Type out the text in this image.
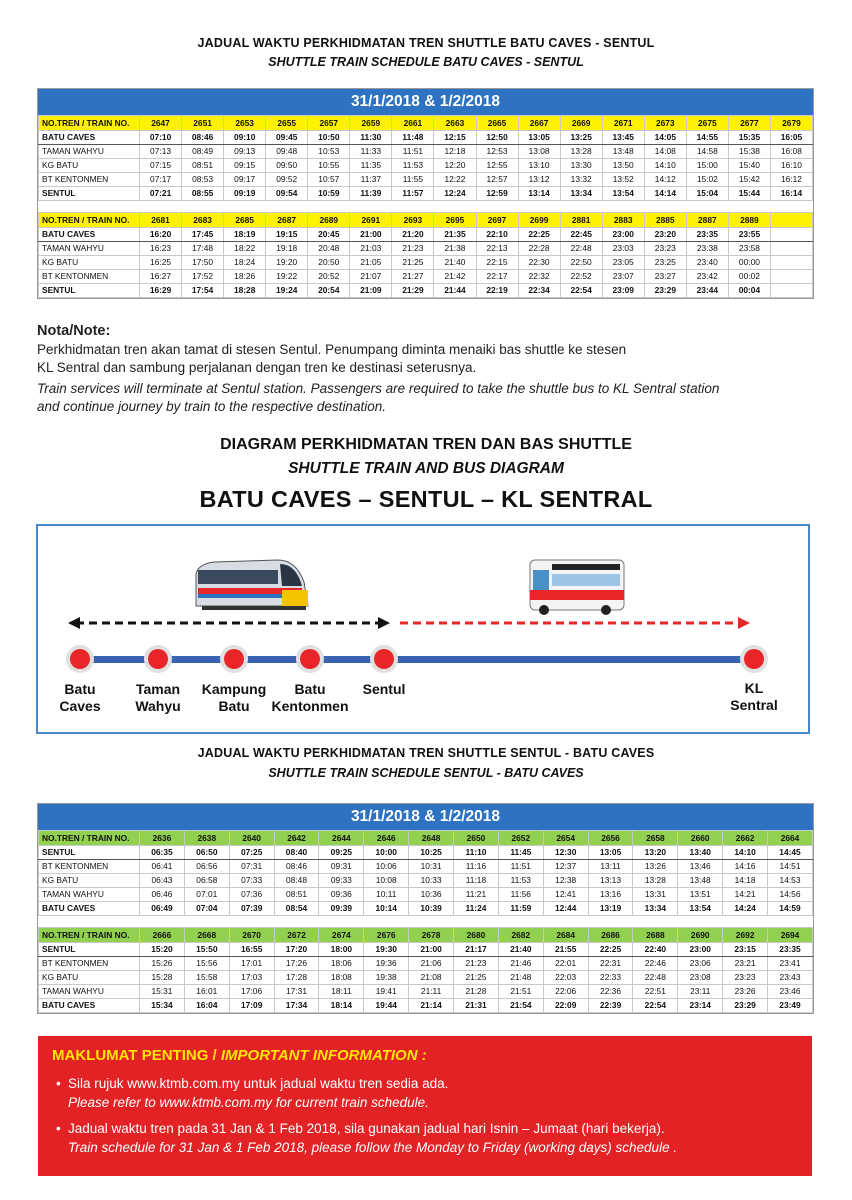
JADUAL WAKTU PERKHIDMATAN TREN SHUTTLE BATU CAVES - SENTUL
SHUTTLE TRAIN SCHEDULE BATU CAVES - SENTUL
31/1/2018 & 1/2/2018
NO.TREN / TRAIN NO.	2647	2651	2653	2655	2657	2659	2661	2663	2665	2667	2669	2671	2673	2675	2677	2679
BATU CAVES	07:10	08:46	09:10	09:45	10:50	11:30	11:48	12:15	12:50	13:05	13:25	13:45	14:05	14:55	15:35	16:05
TAMAN WAHYU	07:13	08:49	09:13	09:48	10:53	11:33	11:51	12:18	12:53	13:08	13:28	13:48	14:08	14:58	15:38	16:08
KG BATU	07:15	08:51	09:15	09:50	10:55	11:35	11:53	12:20	12:55	13:10	13:30	13:50	14:10	15:00	15:40	16:10
BT KENTONMEN	07:17	08:53	09:17	09:52	10:57	11:37	11:55	12:22	12:57	13:12	13:32	13:52	14:12	15:02	15:42	16:12
SENTUL	07:21	08:55	09:19	09:54	10:59	11:39	11:57	12:24	12:59	13:14	13:34	13:54	14:14	15:04	15:44	16:14
NO.TREN / TRAIN NO.	2681	2683	2685	2687	2689	2691	2693	2695	2697	2699	2881	2883	2885	2887	2889	
BATU CAVES	16:20	17:45	18:19	19:15	20:45	21:00	21:20	21:35	22:10	22:25	22:45	23:00	23:20	23:35	23:55	
TAMAN WAHYU	16:23	17:48	18:22	19:18	20:48	21:03	21:23	21:38	22:13	22:28	22:48	23:03	23:23	23:38	23:58	
KG BATU	16:25	17:50	18:24	19:20	20:50	21:05	21:25	21:40	22:15	22:30	22:50	23:05	23:25	23:40	00:00	
BT KENTONMEN	16:27	17:52	18:26	19:22	20:52	21:07	21:27	21:42	22:17	22:32	22:52	23:07	23:27	23:42	00:02	
SENTUL	16:29	17:54	18:28	19:24	20:54	21:09	21:29	21:44	22:19	22:34	22:54	23:09	23:29	23:44	00:04	
Nota/Note:
Perkhidmatan tren akan tamat di stesen Sentul. Penumpang diminta menaiki bas shuttle ke stesen
KL Sentral dan sambung perjalanan dengan tren ke destinasi seterusnya.
Train services will terminate at Sentul station. Passengers are required to take the shuttle bus to KL Sentral station
and continue journey by train to the respective destination.
DIAGRAM PERKHIDMATAN TREN DAN BAS SHUTTLE
SHUTTLE TRAIN AND BUS DIAGRAM
BATU CAVES – SENTUL – KL SENTRAL
Batu
Caves
Taman
Wahyu
Kampung
Batu
Batu
Kentonmen
Sentul	KL Sentral
JADUAL WAKTU PERKHIDMATAN TREN SHUTTLE SENTUL - BATU CAVES
SHUTTLE TRAIN SCHEDULE SENTUL - BATU CAVES
31/1/2018 & 1/2/2018
NO.TREN / TRAIN NO.	2636	2638	2640	2642	2644	2646	2648	2650	2652	2654	2656	2658	2660	2662	2664
SENTUL	06:35	06:50	07:25	08:40	09:25	10:00	10:25	11:10	11:45	12:30	13:05	13:20	13:40	14:10	14:45
BT KENTONMEN	06:41	06:56	07:31	08:46	09:31	10:06	10:31	11:16	11:51	12:37	13:11	13:26	13:46	14:16	14:51
KG BATU	06:43	06:58	07:33	08:48	09:33	10:08	10:33	11:18	11:53	12:38	13:13	13:28	13:48	14:18	14:53
TAMAN WAHYU	06:46	07:01	07:36	08:51	09:36	10:11	10:36	11:21	11:56	12:41	13:16	13:31	13:51	14:21	14:56
BATU CAVES	06:49	07:04	07:39	08:54	09:39	10:14	10:39	11:24	11:59	12:44	13:19	13:34	13:54	14:24	14:59
NO.TREN / TRAIN NO.	2666	2668	2670	2672	2674	2676	2678	2680	2682	2684	2686	2688	2690	2692	2694
SENTUL	15:20	15:50	16:55	17:20	18:00	19:30	21:00	21:17	21:40	21:55	22:25	22:40	23:00	23:15	23:35
BT KENTONMEN	15:26	15:56	17:01	17:26	18:06	19:36	21:06	21:23	21:46	22:01	22:31	22:46	23:06	23:21	23:41
KG BATU	15:28	15:58	17:03	17:28	18:08	19:38	21:08	21:25	21:48	22:03	22:33	22:48	23:08	23:23	23:43
TAMAN WAHYU	15:31	16:01	17:06	17:31	18:11	19:41	21:11	21:28	21:51	22:06	22:36	22:51	23:11	23:26	23:46
BATU CAVES	15:34	16:04	17:09	17:34	18:14	19:44	21:14	21:31	21:54	22:09	22:39	22:54	23:14	23:29	23:49
MAKLUMAT PENTING / IMPORTANT INFORMATION :
• Sila rujuk www.ktmb.com.my untuk jadual waktu tren sedia ada.
Please refer to www.ktmb.com.my for current train schedule.
• Jadual waktu tren pada 31 Jan & 1 Feb 2018, sila gunakan jadual hari Isnin – Jumaat (hari bekerja).
Train schedule for 31 Jan & 1 Feb 2018, please follow the Monday to Friday (working days) schedule .
